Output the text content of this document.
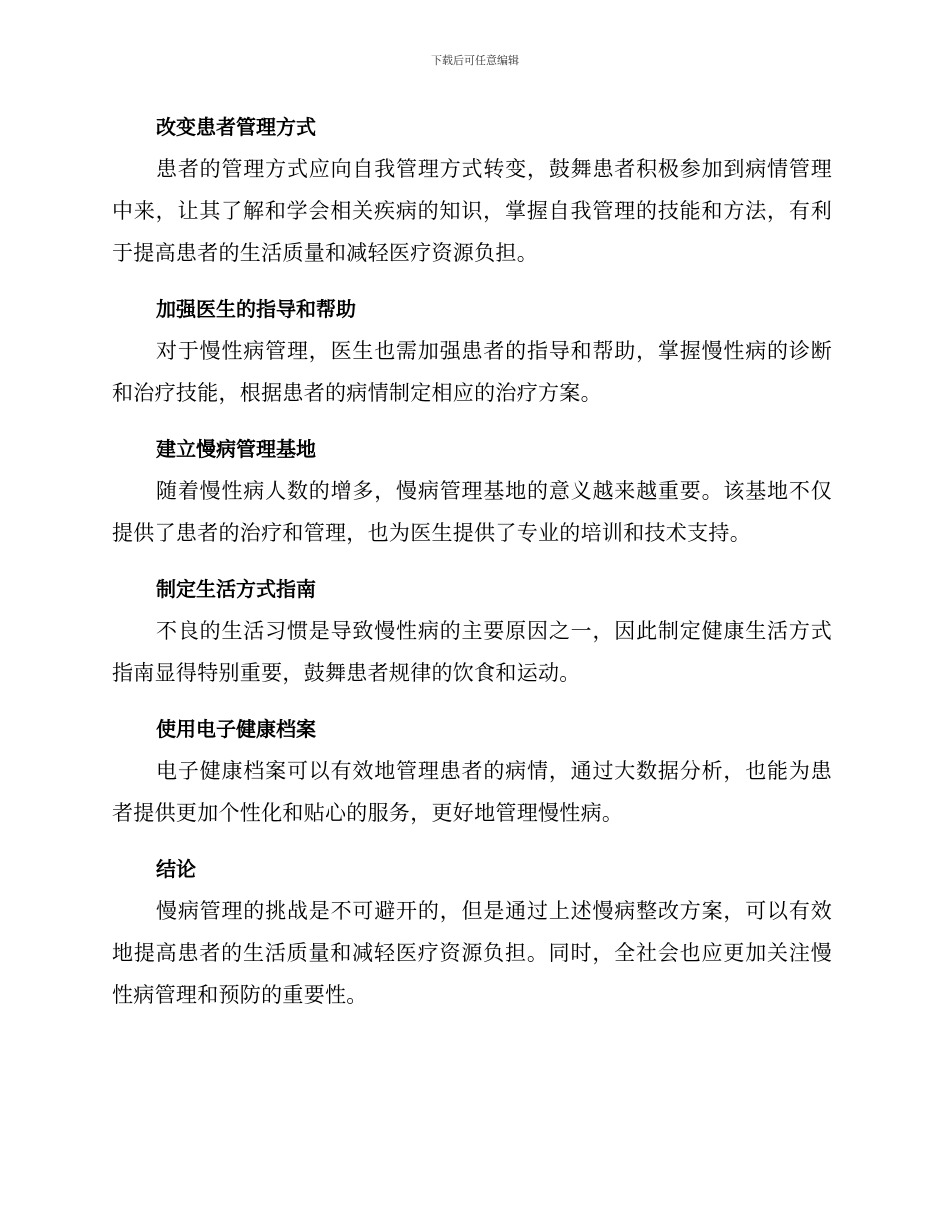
下载后可任意编辑
改变患者管理方式

患者的管理方式应向自我管理方式转变，鼓舞患者积极参加到病情管理中来，让其了解和学会相关疾病的知识，掌握自我管理的技能和方法，有利于提高患者的生活质量和减轻医疗资源负担。

加强医生的指导和帮助

对于慢性病管理，医生也需加强患者的指导和帮助，掌握慢性病的诊断和治疗技能，根据患者的病情制定相应的治疗方案。

建立慢病管理基地

随着慢性病人数的增多，慢病管理基地的意义越来越重要。该基地不仅提供了患者的治疗和管理，也为医生提供了专业的培训和技术支持。

制定生活方式指南

不良的生活习惯是导致慢性病的主要原因之一，因此制定健康生活方式指南显得特别重要，鼓舞患者规律的饮食和运动。

使用电子健康档案

电子健康档案可以有效地管理患者的病情，通过大数据分析，也能为患者提供更加个性化和贴心的服务，更好地管理慢性病。

结论

慢病管理的挑战是不可避开的，但是通过上述慢病整改方案，可以有效地提高患者的生活质量和减轻医疗资源负担。同时，全社会也应更加关注慢性病管理和预防的重要性。
